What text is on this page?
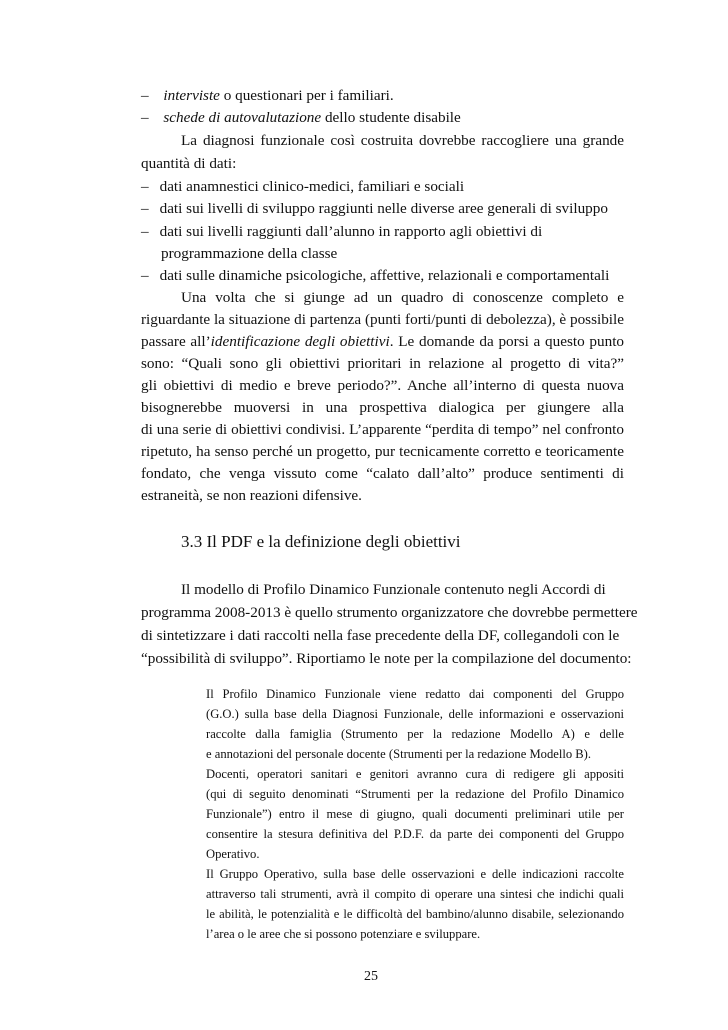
– interviste o questionari per i familiari.
– schede di autovalutazione dello studente disabile
La diagnosi funzionale così costruita dovrebbe raccogliere una grande
quantità di dati:
– dati anamnestici clinico-medici, familiari e sociali
– dati sui livelli di sviluppo raggiunti nelle diverse aree generali di sviluppo
– dati sui livelli raggiunti dall’alunno in rapporto agli obiettivi di
programmazione della classe
– dati sulle dinamiche psicologiche, affettive, relazionali e comportamentali
Una volta che si giunge ad un quadro di conoscenze completo e
riguardante la situazione di partenza (punti forti/punti di debolezza), è possibile
passare all’identificazione degli obiettivi. Le domande da porsi a questo punto
sono: “Quali sono gli obiettivi prioritari in relazione al progetto di vita?”
gli obiettivi di medio e breve periodo?”. Anche all’interno di questa nuova
bisognerebbe muoversi in una prospettiva dialogica per giungere alla
di una serie di obiettivi condivisi. L’apparente “perdita di tempo” nel confronto
ripetuto, ha senso perché un progetto, pur tecnicamente corretto e teoricamente
fondato, che venga vissuto come “calato dall’alto” produce sentimenti di
estraneità, se non reazioni difensive.
3.3 Il PDF e la definizione degli obiettivi
Il modello di Profilo Dinamico Funzionale contenuto negli Accordi di
programma 2008-2013 è quello strumento organizzatore che dovrebbe permettere
di sintetizzare i dati raccolti nella fase precedente della DF, collegandoli con le
“possibilità di sviluppo”. Riportiamo le note per la compilazione del documento:
Il Profilo Dinamico Funzionale viene redatto dai componenti del Gruppo
(G.O.) sulla base della Diagnosi Funzionale, delle informazioni e osservazioni
raccolte dalla famiglia (Strumento per la redazione Modello A) e delle
e annotazioni del personale docente (Strumenti per la redazione Modello B).
Docenti, operatori sanitari e genitori avranno cura di redigere gli appositi
(qui di seguito denominati “Strumenti per la redazione del Profilo Dinamico
Funzionale”) entro il mese di giugno, quali documenti preliminari utile per
consentire la stesura definitiva del P.D.F. da parte dei componenti del Gruppo
Operativo.
Il Gruppo Operativo, sulla base delle osservazioni e delle indicazioni raccolte
attraverso tali strumenti, avrà il compito di operare una sintesi che indichi quali
le abilità, le potenzialità e le difficoltà del bambino/alunno disabile, selezionando
l’area o le aree che si possono potenziare e sviluppare.
25
